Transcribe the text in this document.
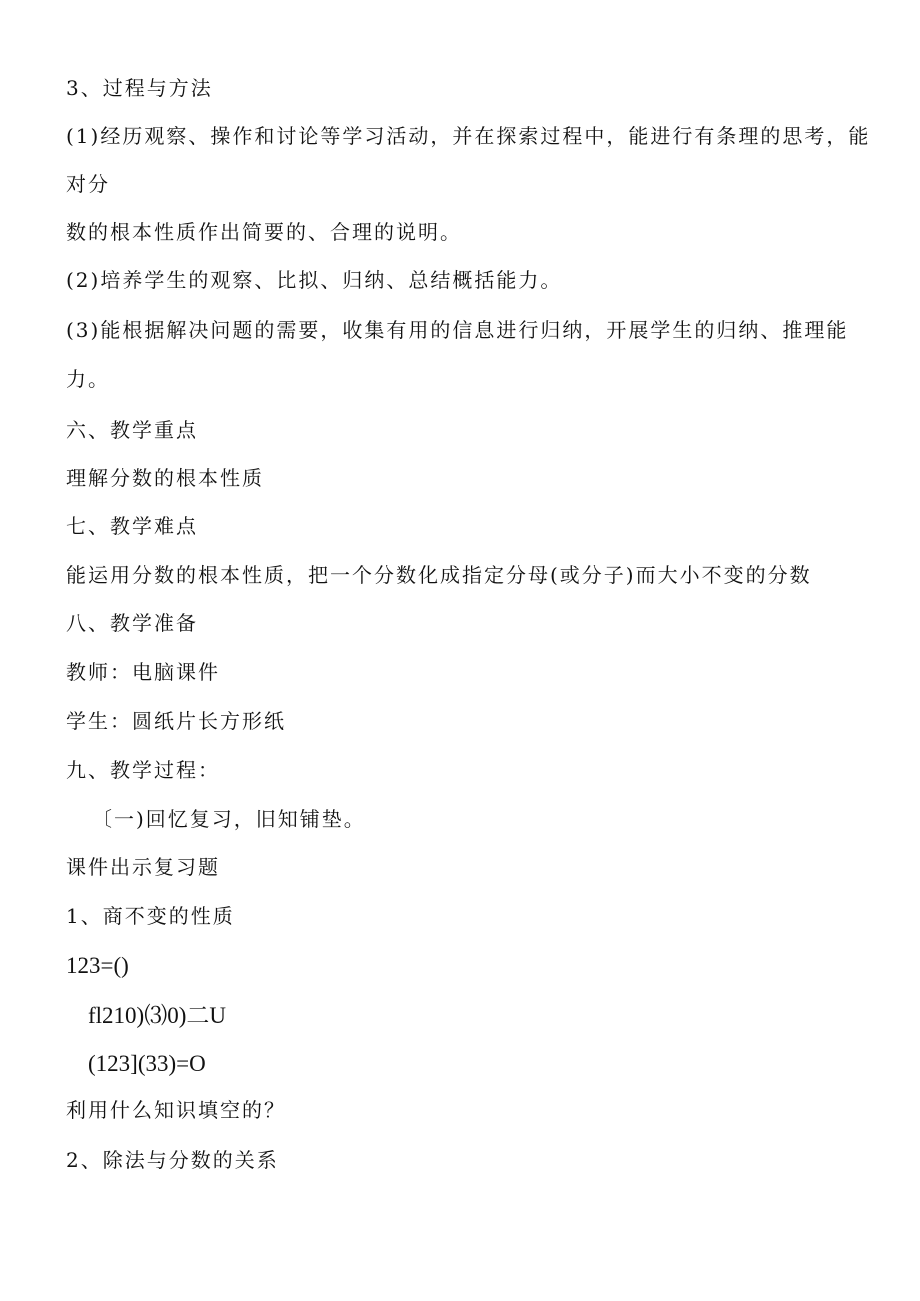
3、过程与方法
(1)经历观察、操作和讨论等学习活动，并在探索过程中，能进行有条理的思考，能
对分
数的根本性质作出简要的、合理的说明。
(2)培养学生的观察、比拟、归纳、总结概括能力。
(3)能根据解决问题的需要，收集有用的信息进行归纳，开展学生的归纳、推理能
力。
六、教学重点
理解分数的根本性质
七、教学难点
能运用分数的根本性质，把一个分数化成指定分母(或分子)而大小不变的分数
八、教学准备
教师：电脑课件
学生：圆纸片长方形纸
九、教学过程：
〔一)回忆复习，旧知铺垫。
课件出示复习题
1、商不变的性质
123=()
fl210)⑶0)二U
(123](33)=O
利用什么知识填空的？
2、除法与分数的关系
